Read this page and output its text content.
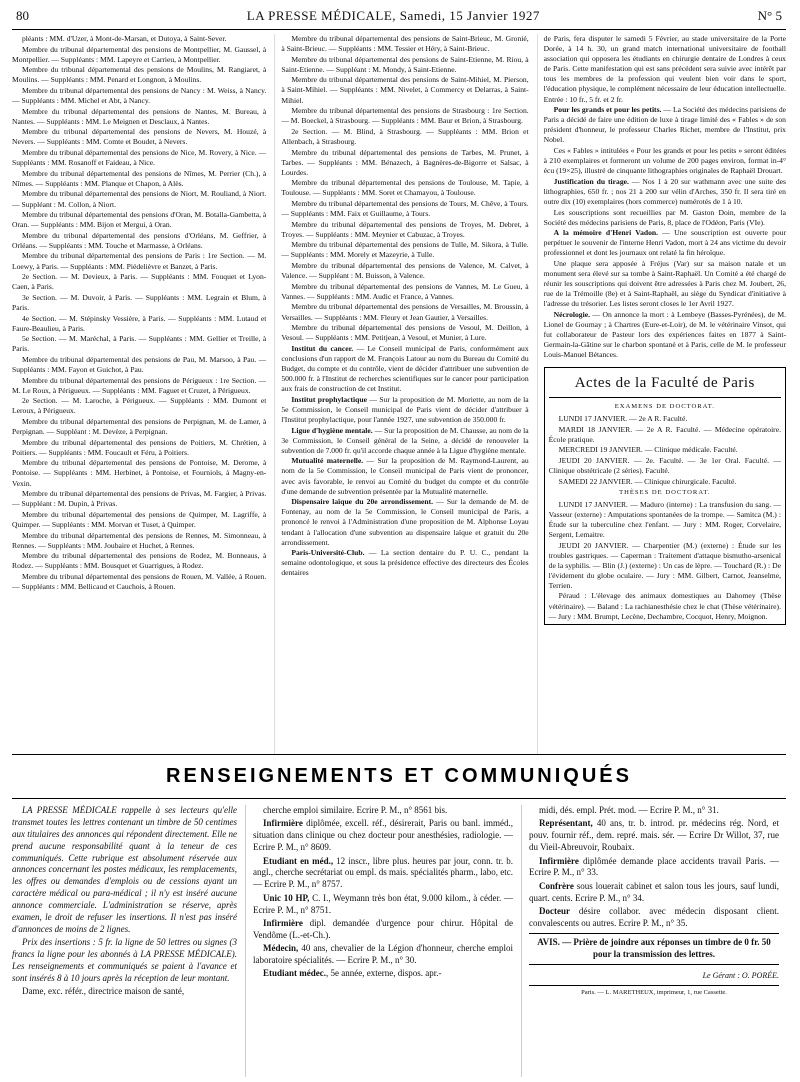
80	LA PRESSE MÉDICALE, Samedi, 15 Janvier 1927	N° 5

pléants : MM. d'Uzer, à Mont-de-Marsan, et Dutoya, à Saint-Sever.

Membre du tribunal départemental des pensions de Montpellier, M. Gaussel, à Montpellier. — Suppléants : MM. Lapeyre et Carrieu, à Montpellier.

Membre du tribunal départemental des pensions de Moulins, M. Rangiaret, à Moulins. — Suppléants : MM. Penard et Longnon, à Moulins.

Membre du tribunal départemental des pensions de Nancy : M. Weiss, à Nancy. — Suppléants : MM. Michel et Abt, à Nancy.

Membre du tribunal départemental des pensions de Nantes, M. Bureau, à Nantes. — Suppléants : MM. Le Meignen et Desclaux, à Nantes.

Membre du tribunal départemental des pensions de Nevers, M. Houzé, à Nevers. — Suppléants : MM. Comte et Boudet, à Nevers.

Membre du tribunal départemental des pensions de Nice, M. Rovery, à Nice. — Suppléants : MM. Rosanoff et Faideau, à Nice.

Membre du tribunal départemental des pensions de Nîmes, M. Perrier (Ch.), à Nîmes. — Suppléants : MM. Planque et Chapon, à Alès.

Membre du tribunal départemental des pensions de Niort, M. Rouliand, à Niort. — Suppléant : M. Collon, à Niort.

Membre du tribunal départemental des pensions d'Oran, M. Botalla-Gambetta, à Oran. — Suppléants : MM. Bijon et Mergui, à Oran.

Membre du tribunal départemental des pensions d'Orléans, M. Geffrier, à Orléans. — Suppléants : MM. Touche et Marmasse, à Orléans.

Membre du tribunal départemental des pensions de Paris : 1re Section. — M. Loewy, à Paris. — Suppléants : MM. Piédelièvre et Banzet, à Paris.

2e Section. — M. Devieux, à Paris. — Suppléants : MM. Fouquet et Lyon-Caen, à Paris.

3e Section. — M. Duvoir, à Paris. — Suppléants : MM. Legrain et Blum, à Paris.

4e Section. — M. Stépinsky Vessière, à Paris. — Suppléants : MM. Lutaud et Faure-Beaulieu, à Paris.

5e Section. — M. Maréchal, à Paris. — Suppléants : MM. Gellier et Treille, à Paris.

Membre du tribunal départemental des pensions de Pau, M. Marsoo, à Pau. — Suppléants : MM. Fayon et Guichot, à Pau.

Membre du tribunal départemental des pensions de Périgueux : 1re Section. — M. Le Roux, à Périgueux. — Suppléants : MM. Faguet et Cruzet, à Périgueux.

2e Section. — M. Laroche, à Périgueux. — Suppléants : MM. Dumont et Leroux, à Périgueux.

Membre du tribunal départemental des pensions de Perpignan, M. de Lamer, à Perpignan. — Suppléant : M. Devèze, à Perpignan.

Membre du tribunal départemental des pensions de Poitiers, M. Chrétien, à Poitiers. — Suppléants : MM. Foucault et Féru, à Poitiers.

Membre du tribunal départemental des pensions de Pontoise, M. Derome, à Pontoise. — Suppléants : MM. Herbinet, à Pontoise, et Fourniols, à Magny-en-Vexin.

Membre du tribunal départemental des pensions de Privas, M. Fargier, à Privas. — Suppléant : M. Dupin, à Privas.

Membre du tribunal départemental des pensions de Quimper, M. Lagriffe, à Quimper. — Suppléants : MM. Morvan et Tuset, à Quimper.

Membre du tribunal départemental des pensions de Rennes, M. Simonneau, à Rennes. — Suppléants : MM. Joubaire et Huchet, à Rennes.

Membre du tribunal départemental des pensions de Rodez, M. Bonneaus, à Rodez. — Suppléants : MM. Bousquet et Guarrigues, à Rodez.

Membre du tribunal départemental des pensions de Rouen, M. Vallée, à Rouen. — Suppléants : MM. Bellicaud et Cauchois, à Rouen.

Membre du tribunal départemental des pensions de Saint-Brieuc, M. Gronié, à Saint-Brieuc. — Suppléants : MM. Tessier et Héry, à Saint-Brieuc.

Membre du tribunal départemental des pensions de Saint-Etienne, M. Riou, à Saint-Etienne. — Suppléant : M. Mondy, à Saint-Etienne.

Membre du tribunal départemental des pensions de Saint-Mihiel, M. Pierson, à Saint-Mihiel. — Suppléants : MM. Nivelet, à Commercy et Delarras, à Saint-Mihiel.

Membre du tribunal départemental des pensions de Strasbourg : 1re Section. — M. Boeckel, à Strasbourg. — Suppléants : MM. Baur et Brion, à Strasbourg.

2e Section. — M. Blind, à Strasbourg. — Suppléants : MM. Brion et Allenbach, à Strasbourg.

Membre du tribunal départemental des pensions de Tarbes, M. Prunet, à Tarbes. — Suppléants : MM. Bénazech, à Bagnères-de-Bigorre et Salsac, à Lourdes.

Membre du tribunal départemental des pensions de Toulouse, M. Tapie, à Toulouse. — Suppléants : MM. Soret et Chamayou, à Toulouse.

Membre du tribunal départemental des pensions de Tours, M. Chêve, à Tours. — Suppléants : MM. Faix et Guillaume, à Tours.

Membre du tribunal départemental des pensions de Troyes, M. Debret, à Troyes. — Suppléants : MM. Meynier et Cabuzac, à Troyes.

Membre du tribunal départemental des pensions de Tulle, M. Sikora, à Tulle. — Suppléants : MM. Morely et Mazeyrie, à Tulle.

Membre du tribunal départemental des pensions de Valence, M. Calvet, à Valence. — Suppléant : M. Buisson, à Valence.

Membre du tribunal départemental des pensions de Vannes, M. Le Gueu, à Vannes. — Suppléants : MM. Audic et France, à Vannes.

Membre du tribunal départemental des pensions de Versailles, M. Broussin, à Versailles. — Suppléants : MM. Fleury et Jean Gautier, à Versailles.

Membre du tribunal départemental des pensions de Vesoul, M. Deillon, à Vesoul. — Suppléants : MM. Petitjean, à Vesoul, et Munier, à Lure.

Institut du cancer. — Le Conseil municipal de Paris, conformément aux conclusions d'un rapport de M. François Latour au nom du Bureau du Comité du Budget, du compte et du contrôle, vient de décider d'attribuer une subvention de 500.000 fr. à l'Institut de recherches scientifiques sur le cancer pour participation aux frais de construction de cet Institut.

Institut prophylactique — Sur la proposition de M. Moriette, au nom de la 5e Commission, le Conseil municipal de Paris vient de décider d'attribuer à l'Institut prophylactique, pour l'année 1927, une subvention de 350.000 fr.

Ligue d'hygiène mentale. — Sur la proposition de M. Chausse, au nom de la 3e Commission, le Conseil général de la Seine, a décidé de renouveler la subvention de 7.000 fr. qu'il accorde chaque année à la Ligue d'hygiène mentale.

Mutualité maternelle. — Sur la proposition de M. Raymond-Laurent, au nom de la 5e Commission, le Conseil municipal de Paris vient de prononcer, avec avis favorable, le renvoi au Comité du budget du compte et du contrôle d'une demande de subvention présentée par la Mutualité maternelle.

Dispensaire laïque du 20e arrondissement. — Sur la demande de M. de Fontenay, au nom de la 5e Commission, le Conseil municipal de Paris, a prononcé le renvoi à l'Administration d'une proposition de M. Alphonse Loyau tendant à l'allocation d'une subvention au dispensaire laïque et gratuit du 20e arrondissement.

Paris-Université-Club. — La section dentaire du P. U. C., pendant la semaine odontologique, et sous la présidence effective des directeurs des Écoles dentaires

de Paris, fera disputer le samedi 5 Février, au stade universitaire de la Porte Dorée, à 14 h. 30, un grand match international universitaire de football association qui opposera les étudiants en chirurgie dentaire de Londres à ceux de Paris. Cette manifestation qui est sans précédent sera suivie avec intérêt par tous les membres de la profession qui veulent bien voir dans le sport, l'éducation physique, le complément nécessaire de leur éducation intellectuelle. Entrée : 10 fr., 5 fr. et 2 fr.

Pour les grands et pour les petits. — La Société des médecins parisiens de Paris a décidé de faire une édition de luxe à tirage limité des « Fables » de son président d'honneur, le professeur Charles Richet, membre de l'Institut, prix Nobel.

Ces « Fables » intitulées « Pour les grands et pour les petits » seront éditées à 210 exemplaires et formeront un volume de 200 pages environ, format in-4° écu (19×25), illustré de cinquante lithographies originales de Raphaël Drouart.

Justification du tirage. — Nos 1 à 20 sur wathmann avec une suite des lithographies, 650 fr. ; nos 21 à 200 sur vélin d'Arches, 350 fr. Il sera tiré en outre dix (10) exemplaires (hors commerce) numérotés de 1 à 10.

Les souscriptions sont recueillies par M. Gaston Doin, membre de la Société des médecins parisiens de Paris, 8, place de l'Odéon, Paris (VIe).

A la mémoire d'Henri Vadon. — Une souscription est ouverte pour perpétuer le souvenir de l'interne Henri Vadon, mort à 24 ans victime du devoir professionnel et dont les journaux ont relaté la fin héroïque.

Une plaque sera apposée à Fréjus (Var) sur sa maison natale et un monument sera élevé sur sa tombe à Saint-Raphaël. Un Comité a été chargé de réunir les souscriptions qui doivent être adressées à Paris chez M. Joubert, 26, rue de la Trémoille (8e) et à Saint-Raphaël, au siège du Syndicat d'initiative à l'adresse du trésorier. Les listes seront closes le 1er Avril 1927.

Nécrologie. — On annonce la mort : à Lembeye (Basses-Pyrénées), de M. Lionel de Gournay ; à Chartres (Eure-et-Loir), de M. le vétérinaire Vinsot, qui fut collaborateur de Pasteur lors des expériences faites en 1877 à Saint-Germain-la-Gâtine sur le charbon spontané et à Paris, celle de M. le professeur Louis-Manuel Bétances.

Actes de la Faculté de Paris
EXAMENS DE DOCTORAT.

LUNDI 17 JANVIER. — 2e A R. Faculté.

MARDI 18 JANVIER. — 2e A R. Faculté. — Médecine opératoire. École pratique.

MERCREDI 19 JANVIER. — Clinique médicale. Faculté.

JEUDI 20 JANVIER. — 2e. Faculté. — 3e 1er Oral. Faculté. — Clinique obstétricale (2 séries). Faculté.

SAMEDI 22 JANVIER. — Clinique chirurgicale. Faculté.

THÈSES DE DOCTORAT.

LUNDI 17 JANVIER. — Maduro (interne) : La transfusion du sang. — Vasseur (externe) : Amputations spontanées de la trompe. — Samitca (M.) : Étude sur la tuberculine chez l'enfant. — Jury : MM. Roger, Corvelaire, Sergent, Lemaitre.

JEUDI 20 JANVIER. — Charpentier (M.) (externe) : Étude sur les troubles gastriques. — Caperman : Traitement d'attaque bismutho-arsenical de la syphilis. — Blin (J.) (externe) : Un cas de lèpre. — Touchard (R.) : De l'évidement du globe oculaire. — Jury : MM. Gilbert, Carnot, Jeanselme, Terrien.

Péraud : L'élevage des animaux domestiques au Dahomey (Thèse vétérinaire). — Baland : La rachianesthésie chez le chat (Thèse vétérinaire). — Jury : MM. Brumpt, Lecène, Dechambre, Cocquot, Henry, Moignon.

RENSEIGNEMENTS ET COMMUNIQUÉS

LA PRESSE MÉDICALE rappelle à ses lecteurs qu'elle transmet toutes les lettres contenant un timbre de 50 centimes aux titulaires des annonces qui répondent directement. Elle ne prend aucune responsabilité quant à la teneur de ces communiqués. Cette rubrique est absolument réservée aux annonces concernant les postes médicaux, les remplacements, les offres ou demandes d'emplois ou de cessions ayant un caractère médical ou para-médical ; il n'y est inséré aucune annonce commerciale. L'administration se réserve, après examen, le droit de refuser les insertions. Il n'est pas inséré d'annonces de moins de 2 lignes.

Prix des insertions : 5 fr. la ligne de 50 lettres ou signes (3 francs la ligne pour les abonnés à LA PRESSE MÉDICALE). Les renseignements et communiqués se paient à l'avance et sont insérés 8 à 10 jours après la réception de leur montant.

Dame, exc. référ., directrice maison de santé,

cherche emploi similaire. Ecrire P. M., n° 8561 bis.

Infirmière diplômée, excell. réf., désirerait, Paris ou banl. imméd., situation dans clinique ou chez docteur pour anesthésies, radiologie. — Ecrire P. M., n° 8609.

Etudiant en méd., 12 inscr., libre plus. heures par jour, conn. tr. b. angl., cherche secrétariat ou empl. ds mais. spécialités pharm., labo, etc. — Ecrire P. M., n° 8757.

Unic 10 HP, C. I., Weymann très bon état, 9.000 kilom., à céder. — Ecrire P. M., n° 8751.

Infirmière dipl. demandée d'urgence pour chirur. Hôpital de Vendôme (L.-et-Ch.).

Médecin, 40 ans, chevalier de la Légion d'honneur, cherche emploi laboratoire spécialités. — Ecrire P. M., n° 30.

Etudiant médec., 5e année, externe, dispos. apr.-

midi, dés. empl. Prét. mod. — Ecrire P. M., n° 31.

Représentant, 40 ans, tr. b. introd. pr. médecins rég. Nord, et pouv. fournir réf., dem. repré. mais. sér. — Ecrire Dr Willot, 37, rue du Vieil-Abreuvoir, Roubaix.

Infirmière diplômée demande place accidents travail Paris. — Ecrire P. M., n° 33.

Confrère sous louerait cabinet et salon tous les jours, sauf lundi, quart. cents. Ecrire P. M., n° 34.

Docteur désire collabor. avec médecin disposant client. convalescents ou autres. Ecrire P. M., n° 35.

AVIS. — Prière de joindre aux réponses un timbre de 0 fr. 50 pour la transmission des lettres.
Le Gérant : O. PORÉE.
Paris. — L. MARETHEUX, imprimeur, 1, rue Cassette.
